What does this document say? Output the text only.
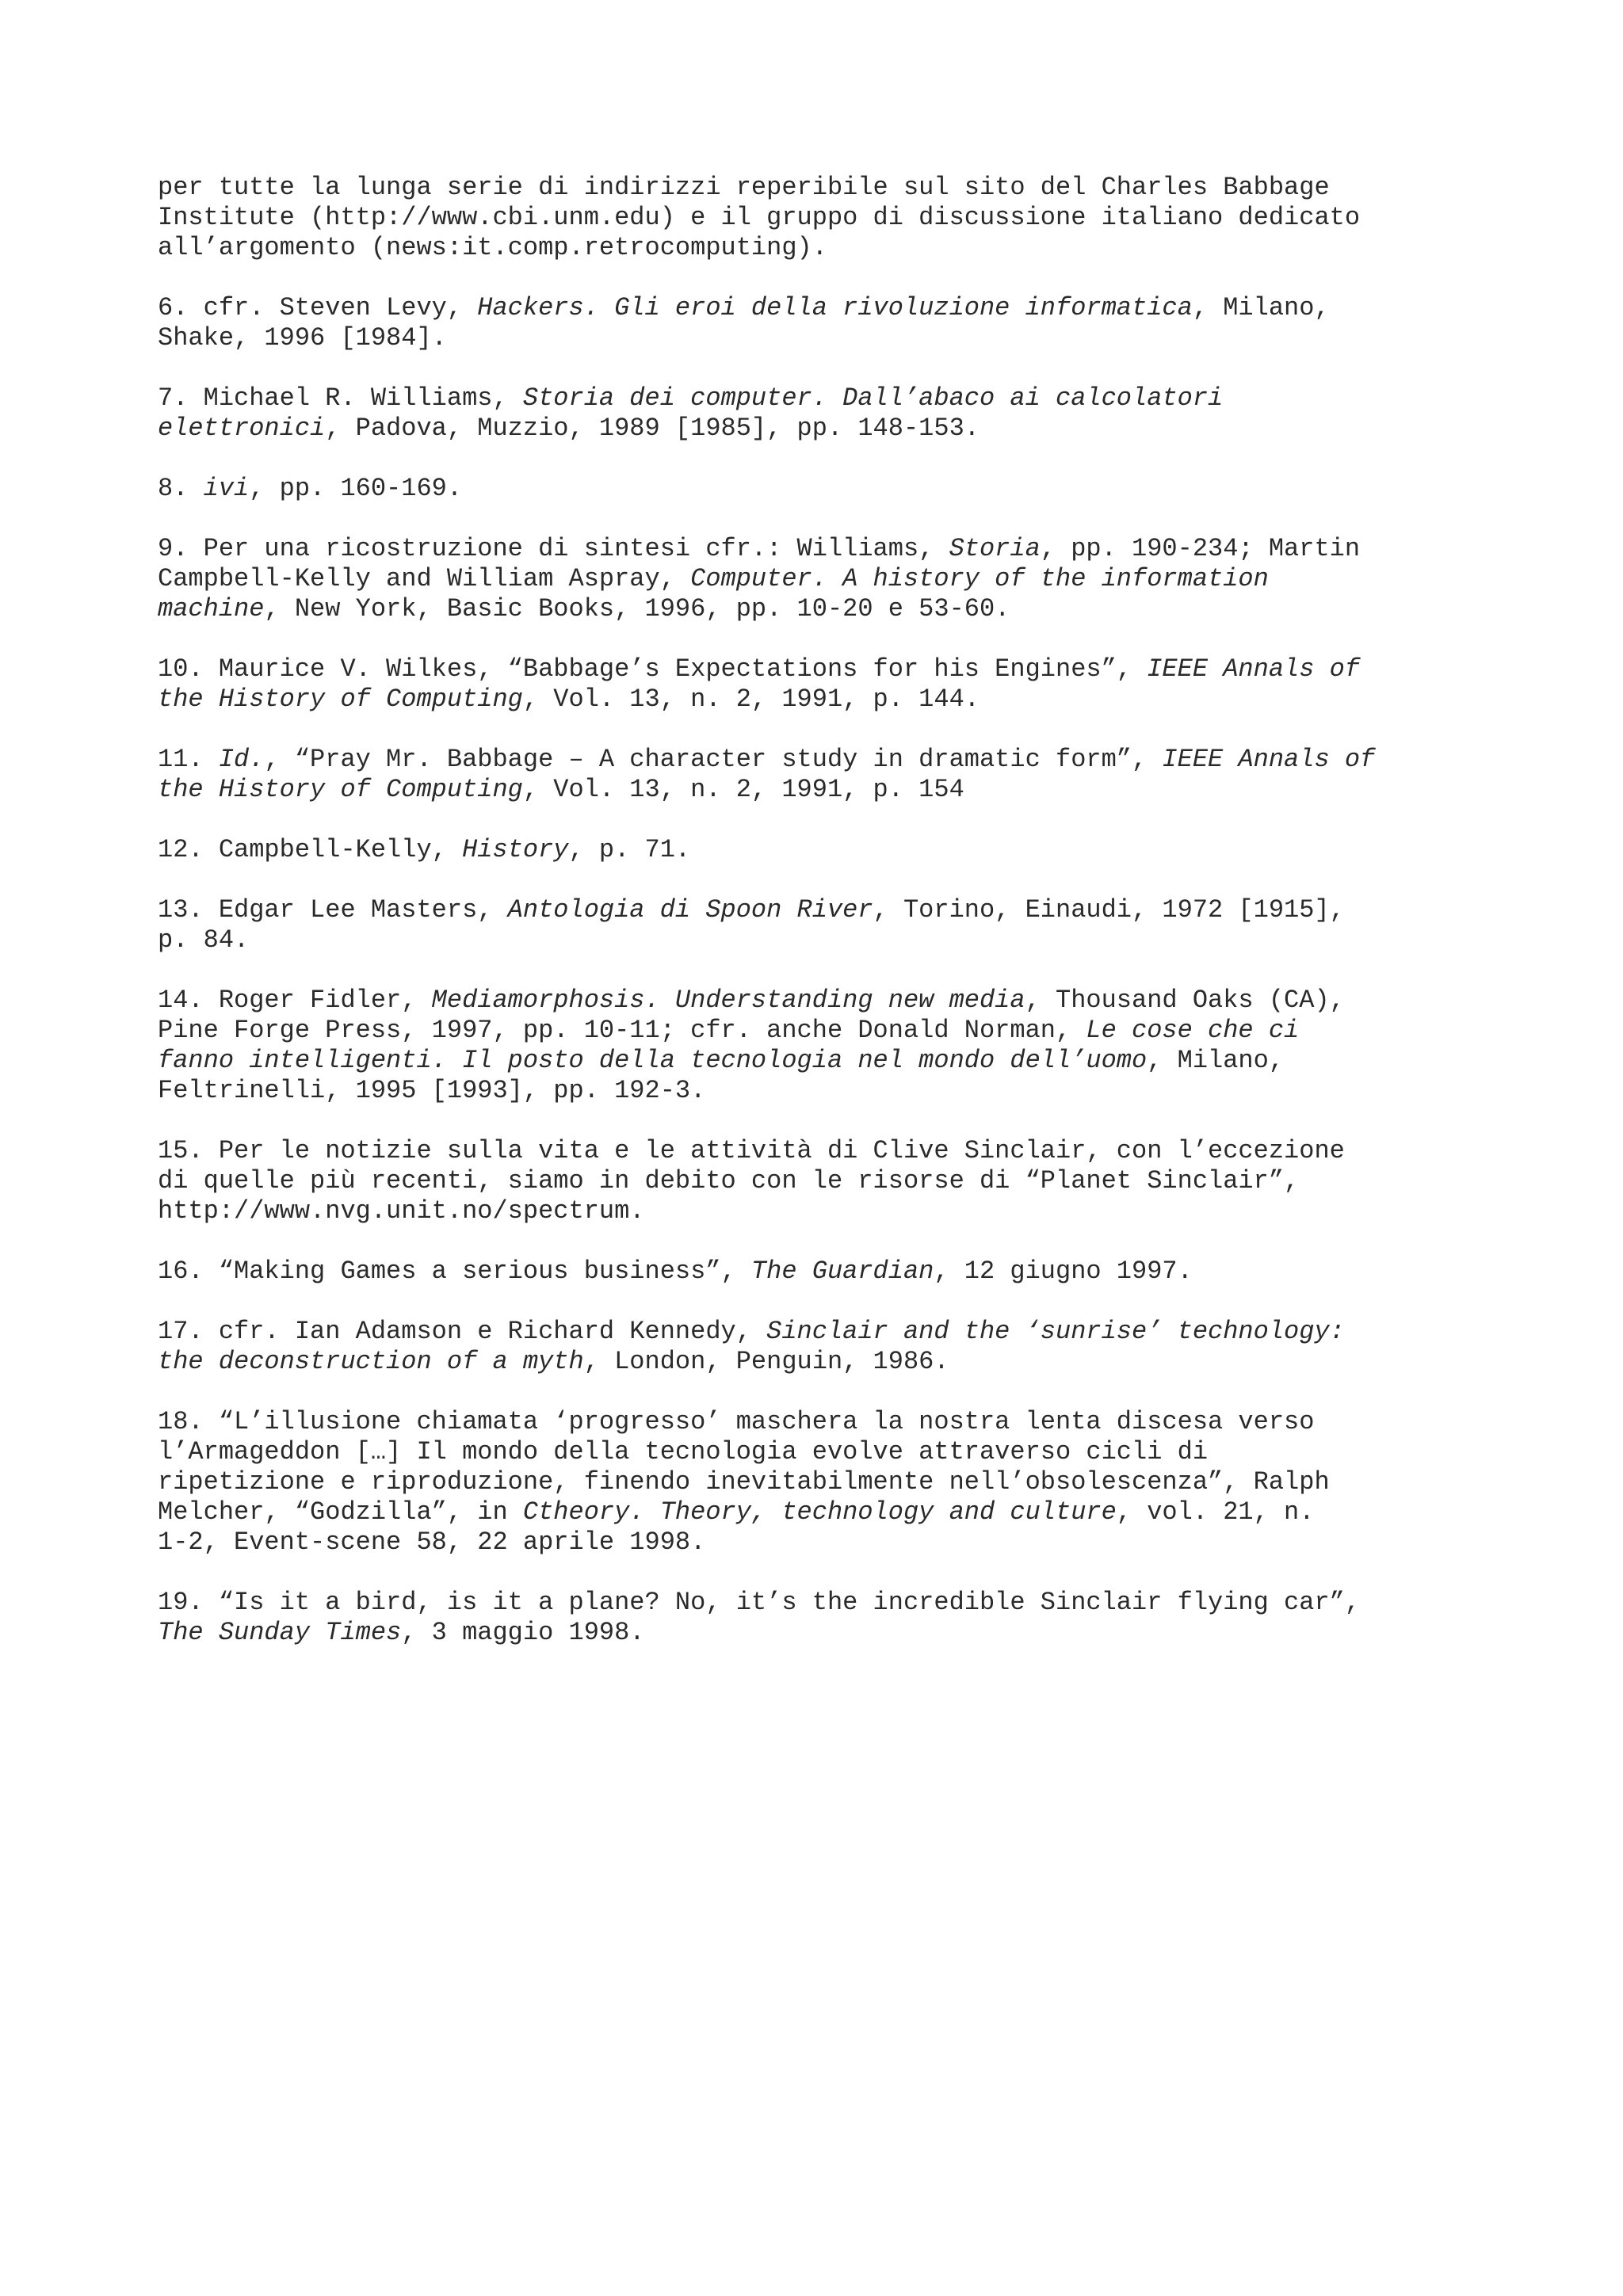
per tutte la lunga serie di indirizzi reperibile sul sito del Charles Babbage
Institute (http://www.cbi.unm.edu) e il gruppo di discussione italiano dedicato
all’argomento (news:it.comp.retrocomputing).
6. cfr. Steven Levy, Hackers. Gli eroi della rivoluzione informatica, Milano,
Shake, 1996 [1984].
7. Michael R. Williams, Storia dei computer. Dall’abaco ai calcolatori
elettronici, Padova, Muzzio, 1989 [1985], pp. 148-153.
8. ivi, pp. 160-169.
9. Per una ricostruzione di sintesi cfr.: Williams, Storia, pp. 190-234; Martin
Campbell-Kelly and William Aspray, Computer. A history of the information
machine, New York, Basic Books, 1996, pp. 10-20 e 53-60.
10. Maurice V. Wilkes, “Babbage’s Expectations for his Engines”, IEEE Annals of
the History of Computing, Vol. 13, n. 2, 1991, p. 144.
11. Id., “Pray Mr. Babbage – A character study in dramatic form”, IEEE Annals of
the History of Computing, Vol. 13, n. 2, 1991, p. 154
12. Campbell-Kelly, History, p. 71.
13. Edgar Lee Masters, Antologia di Spoon River, Torino, Einaudi, 1972 [1915],
p. 84.
14. Roger Fidler, Mediamorphosis. Understanding new media, Thousand Oaks (CA),
Pine Forge Press, 1997, pp. 10-11; cfr. anche Donald Norman, Le cose che ci
fanno intelligenti. Il posto della tecnologia nel mondo dell’uomo, Milano,
Feltrinelli, 1995 [1993], pp. 192-3.
15. Per le notizie sulla vita e le attività di Clive Sinclair, con l’eccezione
di quelle più recenti, siamo in debito con le risorse di “Planet Sinclair”,
http://www.nvg.unit.no/spectrum.
16. “Making Games a serious business”, The Guardian, 12 giugno 1997.
17. cfr. Ian Adamson e Richard Kennedy, Sinclair and the ‘sunrise’ technology:
the deconstruction of a myth, London, Penguin, 1986.
18. “L’illusione chiamata ‘progresso’ maschera la nostra lenta discesa verso
l’Armageddon […] Il mondo della tecnologia evolve attraverso cicli di
ripetizione e riproduzione, finendo inevitabilmente nell’obsolescenza”, Ralph
Melcher, “Godzilla”, in Ctheory. Theory, technology and culture, vol. 21, n.
1-2, Event-scene 58, 22 aprile 1998.
19. “Is it a bird, is it a plane? No, it’s the incredible Sinclair flying car”,
The Sunday Times, 3 maggio 1998.
